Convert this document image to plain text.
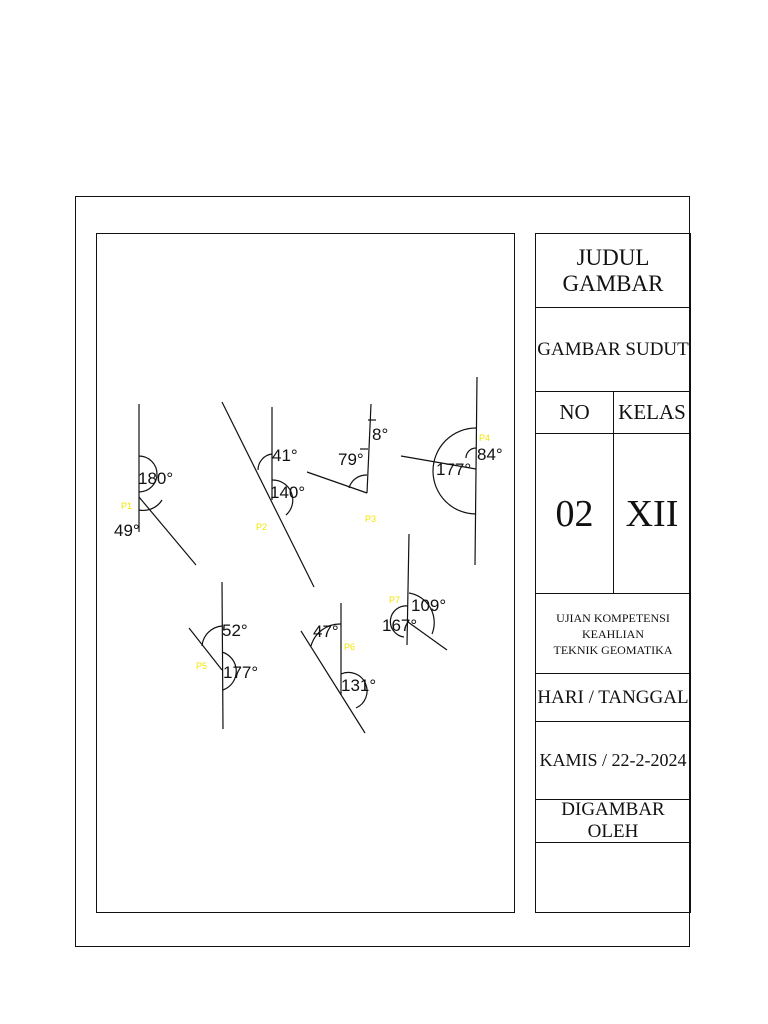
180°
49°
41°
140°
79°
8°
177°
84°
52°
177°
47°
131°
109°
167°
P1
P2
P3
P4
P5
P6
P7
JUDUL GAMBAR
GAMBAR SUDUT
NO	KELAS
02 XII
UJIAN KOMPETENSI KEAHLIAN
TEKNIK GEOMATIKA
HARI / TANGGAL
KAMIS / 22-2-2024
DIGAMBAR OLEH
